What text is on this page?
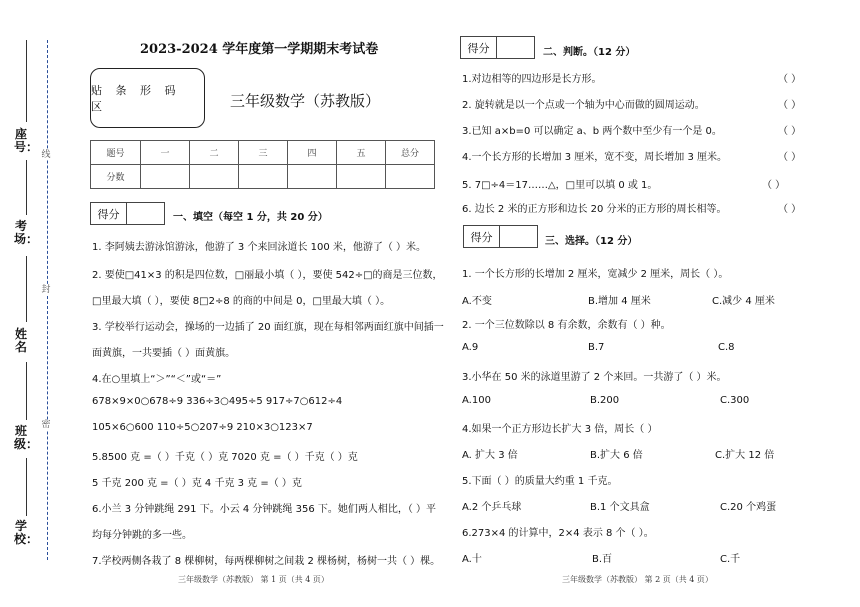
座号：
考场：
姓名
班级：
学校：
线
封
密
2023-2024 学年度第一学期期末考试卷
贴 条 形 码 区	三年级数学（苏教版）
题号	一	二	三	四	五	总分
分数						
得分	一、填空（每空 1 分，共 20 分）
1. 李阿姨去游泳馆游泳，他游了 3 个来回泳道长 100 米，他游了（ ）米。
2. 要使□41×3 的积是四位数，□丽最小填（ ），要使 542÷□的商是三位数，
□里最大填（ ），要使 8□2÷8 的商的中间是 0，□里最大填（ ）。
3. 学校举行运动会，操场的一边插了 20 面红旗，现在每相邻两面红旗中间插一
面黄旗，一共要插（ ）面黄旗。
4.在○里填上“＞”“＜”或“＝”
678×9×0○678÷9 336÷3○495÷5 917÷7○612÷4
105×6○600 110÷5○207÷9 210×3○123×7
5.8500 克 =（ ）千克（ ）克 7020 克 =（ ）千克（ ）克
5 千克 200 克 =（ ）克 4 千克 3 克 =（ ）克
6.小兰 3 分钟跳绳 291 下。小云 4 分钟跳绳 356 下。她们两人相比，（ ）平
均每分钟跳的多一些。
7.学校两侧各栽了 8 棵柳树，每两棵柳树之间栽 2 棵杨树，杨树一共（ ）棵。
得分	二、判断。（12 分）
1.对边相等的四边形是长方形。	（ ）
2. 旋转就是以一个点或一个轴为中心而做的圆周运动。	（ ）
3.已知 a×b=0 可以确定 a、b 两个数中至少有一个是 0。	（ ）
4.一个长方形的长增加 3 厘米，宽不变，周长增加 3 厘米。	（ ）
5. 7□÷4＝17……△，□里可以填 0 或 1。	（ ）
6. 边长 2 米的正方形和边长 20 分米的正方形的周长相等。	（ ）
得分	三、选择。（12 分）
1. 一个长方形的长增加 2 厘米，宽减少 2 厘米，周长（ ）。
A.不变	B.增加 4 厘米	C.减少 4 厘米
2. 一个三位数除以 8 有余数，余数有（ ）种。
A.9	B.7	C.8
3.小华在 50 米的泳道里游了 2 个来回。一共游了（ ）米。
A.100	B.200	C.300
4.如果一个正方形边长扩大 3 倍，周长（ ）
A. 扩大 3 倍	B.扩大 6 倍	C.扩大 12 倍
5.下面（ ）的质量大约重 1 千克。
A.2 个乒乓球	B.1 个文具盒	C.20 个鸡蛋
6.273×4 的计算中，2×4 表示 8 个（ ）。
A.十	B.百	C.千
三年级数学（苏教版） 第 1 页（共 4 页）	三年级数学（苏教版） 第 2 页（共 4 页）
